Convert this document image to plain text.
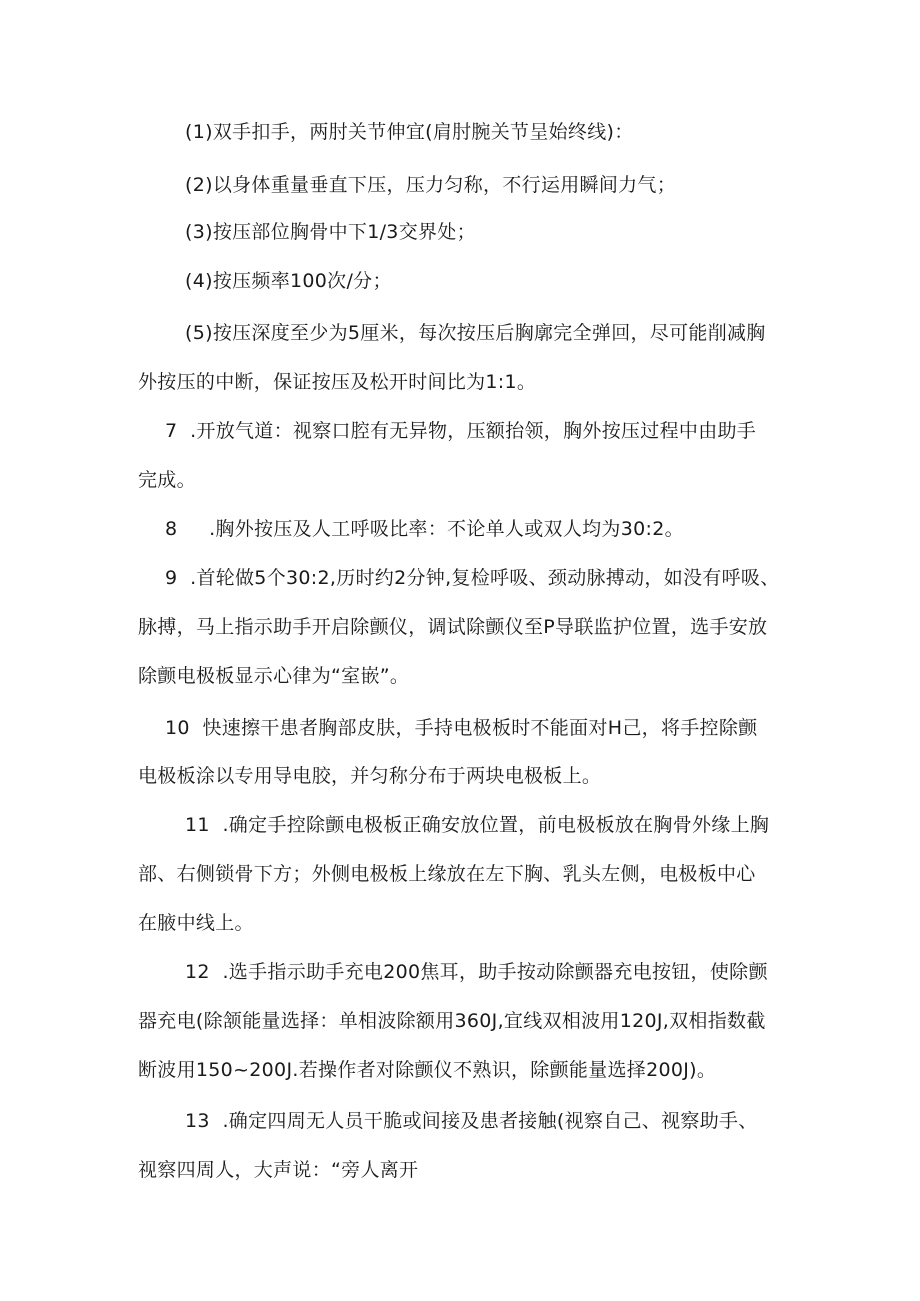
(1)双手扣手，两肘关节伸宜(肩肘腕关节呈始终线)：
(2)以身体重量垂直下压，压力匀称，不行运用瞬间力气；
(3)按压部位胸骨中下1/3交界处；
(4)按压频率100次/分；
(5)按压深度至少为5厘米，每次按压后胸廓完全弹回，尽可能削减胸
外按压的中断，保证按压及松开时间比为1:1。
7  .开放气道：视察口腔有无异物，压额抬领，胸外按压过程中由助手
完成。
8     .胸外按压及人工呼吸比率：不论单人或双人均为30:2。
9  .首轮做5个30:2,历时约2分钟,复检呼吸、颈动脉搏动，如没有呼吸、
脉搏，马上指示助手开启除颤仪，调试除颤仪至P导联监护位置，选手安放
除颤电极板显示心律为“室嵌”。
10  快速擦干患者胸部皮肤，手持电极板时不能面对H己，将手控除颤
电极板涂以专用导电胶，并匀称分布于两块电极板上。
11  .确定手控除颤电极板正确安放位置，前电极板放在胸骨外缘上胸
部、右侧锁骨下方；外侧电极板上缘放在左下胸、乳头左侧，电极板中心
在腋中线上。
12  .选手指示助手充电200焦耳，助手按动除颤器充电按钮，使除颤
器充电(除颔能量选择：单相波除额用360J,宜线双相波用120J,双相指数截
断波用150~200J.若操作者对除颤仪不熟识，除颤能量选择200J)。
13  .确定四周无人员干脆或间接及患者接触(视察自己、视察助手、
视察四周人，大声说：“旁人离开
